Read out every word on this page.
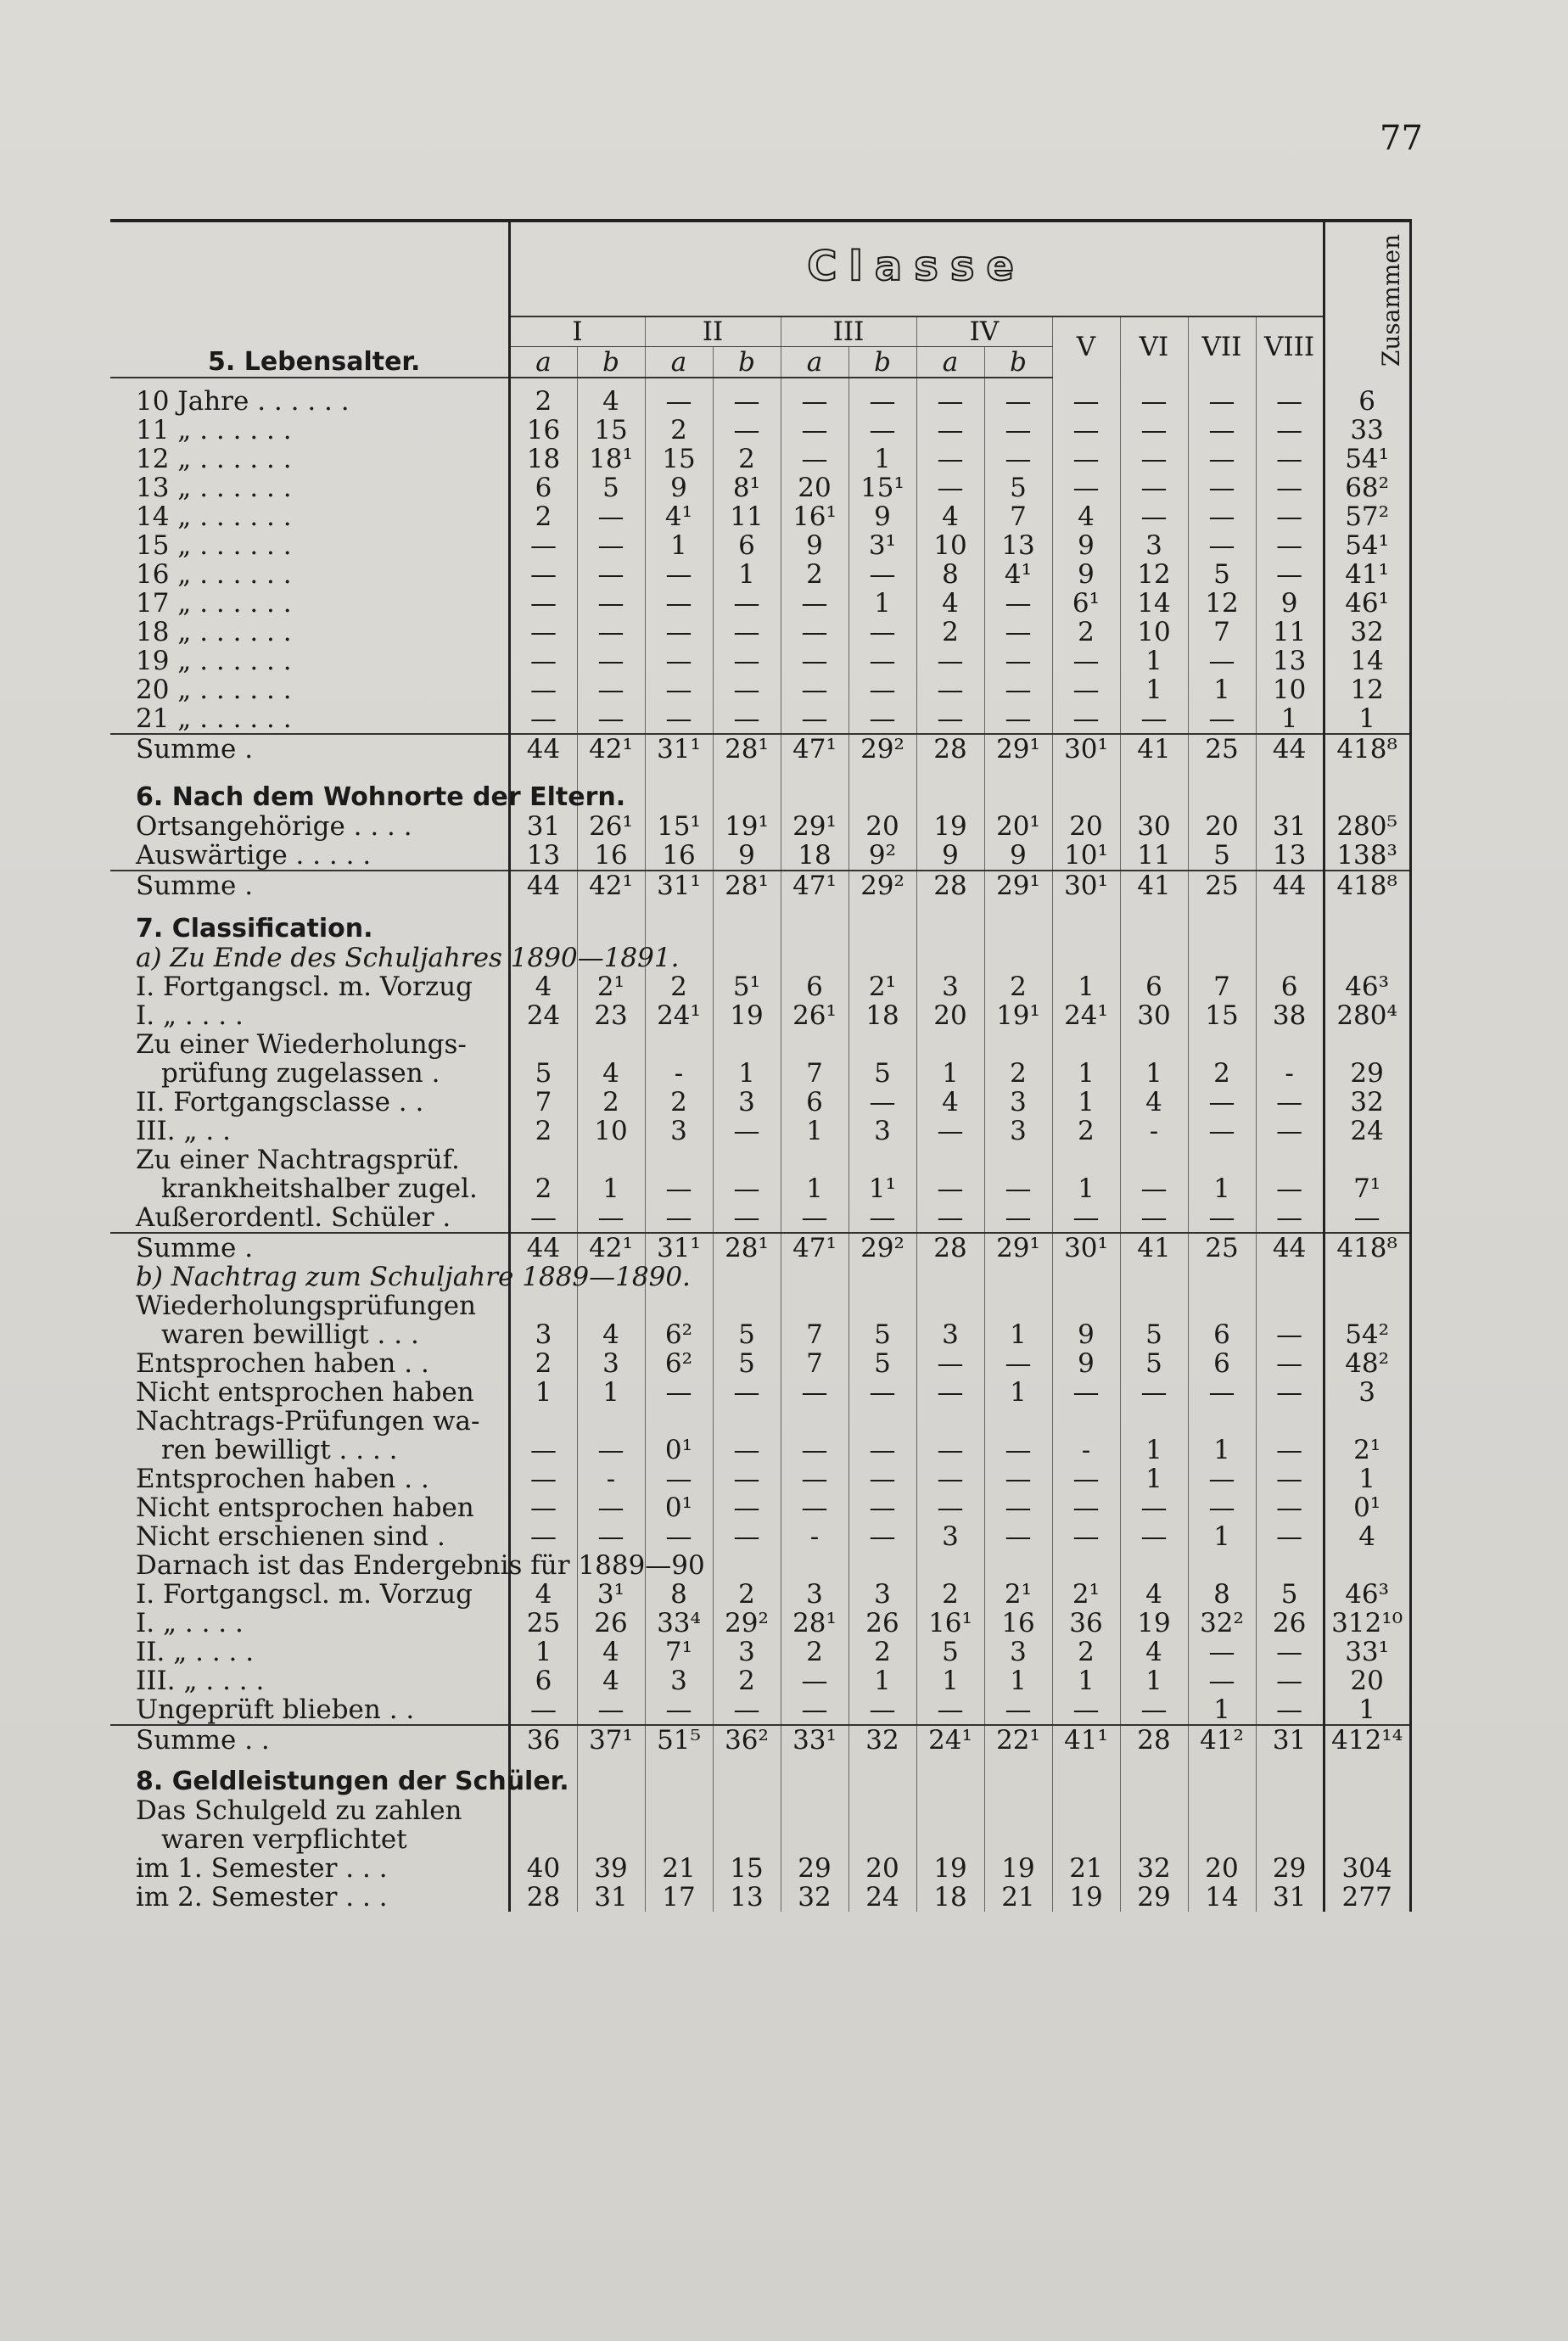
77
	Classe												Zusammen
	I		II		III		IV		V	VI	VII	VIII	
5. Lebensalter.	a	b	a	b	a	b	a	b					

10 Jahre . . . . . .	2	4	—	—	—	—	—	—	—	—	—	—	6
11 „ . . . . . .	16	15	2	—	—	—	—	—	—	—	—	—	33
12 „ . . . . . .	18	18¹	15	2	—	1	—	—	—	—	—	—	54¹
13 „ . . . . . .	6	5	9	8¹	20	15¹	—	5	—	—	—	—	68²
14 „ . . . . . .	2	—	4¹	11	16¹	9	4	7	4	—	—	—	57²
15 „ . . . . . .	—	—	1	6	9	3¹	10	13	9	3	—	—	54¹
16 „ . . . . . .	—	—	—	1	2	—	8	4¹	9	12	5	—	41¹
17 „ . . . . . .	—	—	—	—	—	1	4	—	6¹	14	12	9	46¹
18 „ . . . . . .	—	—	—	—	—	—	2	—	2	10	7	11	32
19 „ . . . . . .	—	—	—	—	—	—	—	—	—	1	—	13	14
20 „ . . . . . .	—	—	—	—	—	—	—	—	—	1	1	10	12
21 „ . . . . . .	—	—	—	—	—	—	—	—	—	—	—	1	1
Summe .	44	42¹	31¹	28¹	47¹	29²	28	29¹	30¹	41	25	44	418⁸

6. Nach dem Wohnorte der Eltern.													
Ortsangehörige . . . .	31	26¹	15¹	19¹	29¹	20	19	20¹	20	30	20	31	280⁵
Auswärtige . . . . .	13	16	16	9	18	9²	9	9	10¹	11	5	13	138³
Summe .	44	42¹	31¹	28¹	47¹	29²	28	29¹	30¹	41	25	44	418⁸

7. Classification.													
a) Zu Ende des Schuljahres 1890—1891.													
I. Fortgangscl. m. Vorzug	4	2¹	2	5¹	6	2¹	3	2	1	6	7	6	46³
I. „ . . . .	24	23	24¹	19	26¹	18	20	19¹	24¹	30	15	38	280⁴
Zu einer Wiederholungs-													
prüfung zugelassen .	5	4	-	1	7	5	1	2	1	1	2	-	29
II. Fortgangsclasse . .	7	2	2	3	6	—	4	3	1	4	—	—	32
III. „ . .	2	10	3	—	1	3	—	3	2	-	—	—	24
Zu einer Nachtragsprüf.													
krankheitshalber zugel.	2	1	—	—	1	1¹	—	—	1	—	1	—	7¹
Außerordentl. Schüler .	—	—	—	—	—	—	—	—	—	—	—	—	—
Summe .	44	42¹	31¹	28¹	47¹	29²	28	29¹	30¹	41	25	44	418⁸
b) Nachtrag zum Schuljahre 1889—1890.													
Wiederholungsprüfungen													
waren bewilligt . . .	3	4	6²	5	7	5	3	1	9	5	6	—	54²
Entsprochen haben . .	2	3	6²	5	7	5	—	—	9	5	6	—	48²
Nicht entsprochen haben	1	1	—	—	—	—	—	1	—	—	—	—	3
Nachtrags-Prüfungen wa-													
ren bewilligt . . . .	—	—	0¹	—	—	—	—	—	-	1	1	—	2¹
Entsprochen haben . .	—	-	—	—	—	—	—	—	—	1	—	—	1
Nicht entsprochen haben	—	—	0¹	—	—	—	—	—	—	—	—	—	0¹
Nicht erschienen sind .	—	—	—	—	-	—	3	—	—	—	1	—	4
Darnach ist das Endergebnis für 1889—90													
I. Fortgangscl. m. Vorzug	4	3¹	8	2	3	3	2	2¹	2¹	4	8	5	46³
I. „ . . . .	25	26	33⁴	29²	28¹	26	16¹	16	36	19	32²	26	312¹⁰
II. „ . . . .	1	4	7¹	3	2	2	5	3	2	4	—	—	33¹
III. „ . . . .	6	4	3	2	—	1	1	1	1	1	—	—	20
Ungeprüft blieben . .	—	—	—	—	—	—	—	—	—	—	1	—	1
Summe . .	36	37¹	51⁵	36²	33¹	32	24¹	22¹	41¹	28	41²	31	412¹⁴

8. Geldleistungen der Schüler.													
Das Schulgeld zu zahlen													
waren verpflichtet													
im 1. Semester . . .	40	39	21	15	29	20	19	19	21	32	20	29	304
im 2. Semester . . .	28	31	17	13	32	24	18	21	19	29	14	31	277
